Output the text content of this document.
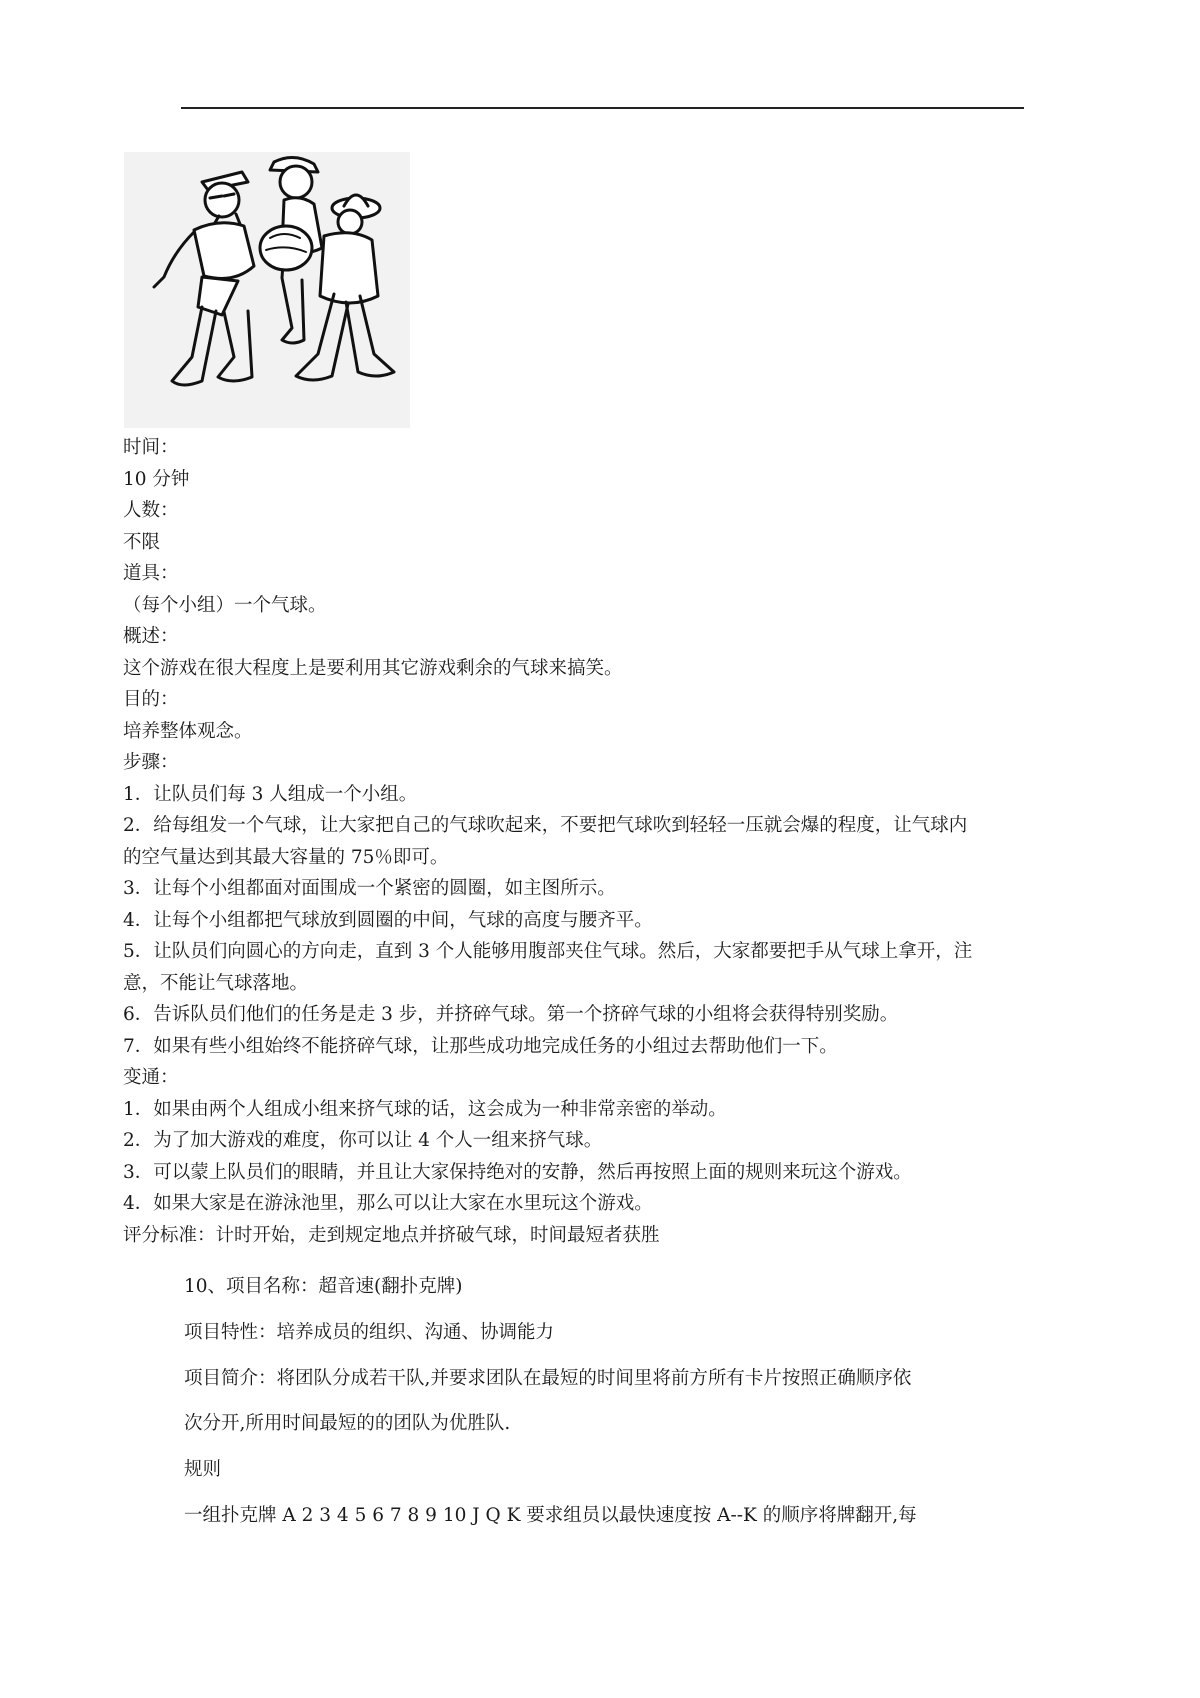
时间：
10 分钟
人数：
不限
道具：
（每个小组）一个气球。
概述：
这个游戏在很大程度上是要利用其它游戏剩余的气球来搞笑。
目的：
培养整体观念。
步骤：
1．让队员们每 3 人组成一个小组。
2．给每组发一个气球，让大家把自己的气球吹起来，不要把气球吹到轻轻一压就会爆的程度，让气球内
的空气量达到其最大容量的 75％即可。
3．让每个小组都面对面围成一个紧密的圆圈，如主图所示。
4．让每个小组都把气球放到圆圈的中间，气球的高度与腰齐平。
5．让队员们向圆心的方向走，直到 3 个人能够用腹部夹住气球。然后，大家都要把手从气球上拿开，注
意，不能让气球落地。
6．告诉队员们他们的任务是走 3 步，并挤碎气球。第一个挤碎气球的小组将会获得特别奖励。
7．如果有些小组始终不能挤碎气球，让那些成功地完成任务的小组过去帮助他们一下。
变通：
1．如果由两个人组成小组来挤气球的话，这会成为一种非常亲密的举动。
2．为了加大游戏的难度，你可以让 4 个人一组来挤气球。
3．可以蒙上队员们的眼睛，并且让大家保持绝对的安静，然后再按照上面的规则来玩这个游戏。
4．如果大家是在游泳池里，那么可以让大家在水里玩这个游戏。
评分标准：计时开始，走到规定地点并挤破气球，时间最短者获胜
10、项目名称：超音速(翻扑克牌)
项目特性：培养成员的组织、沟通、协调能力
项目简介：将团队分成若干队,并要求团队在最短的时间里将前方所有卡片按照正确顺序依
次分开,所用时间最短的的团队为优胜队.
规则
一组扑克牌 A 2 3 4 5 6 7 8 9 10 J Q K 要求组员以最快速度按 A--K 的顺序将牌翻开,每
